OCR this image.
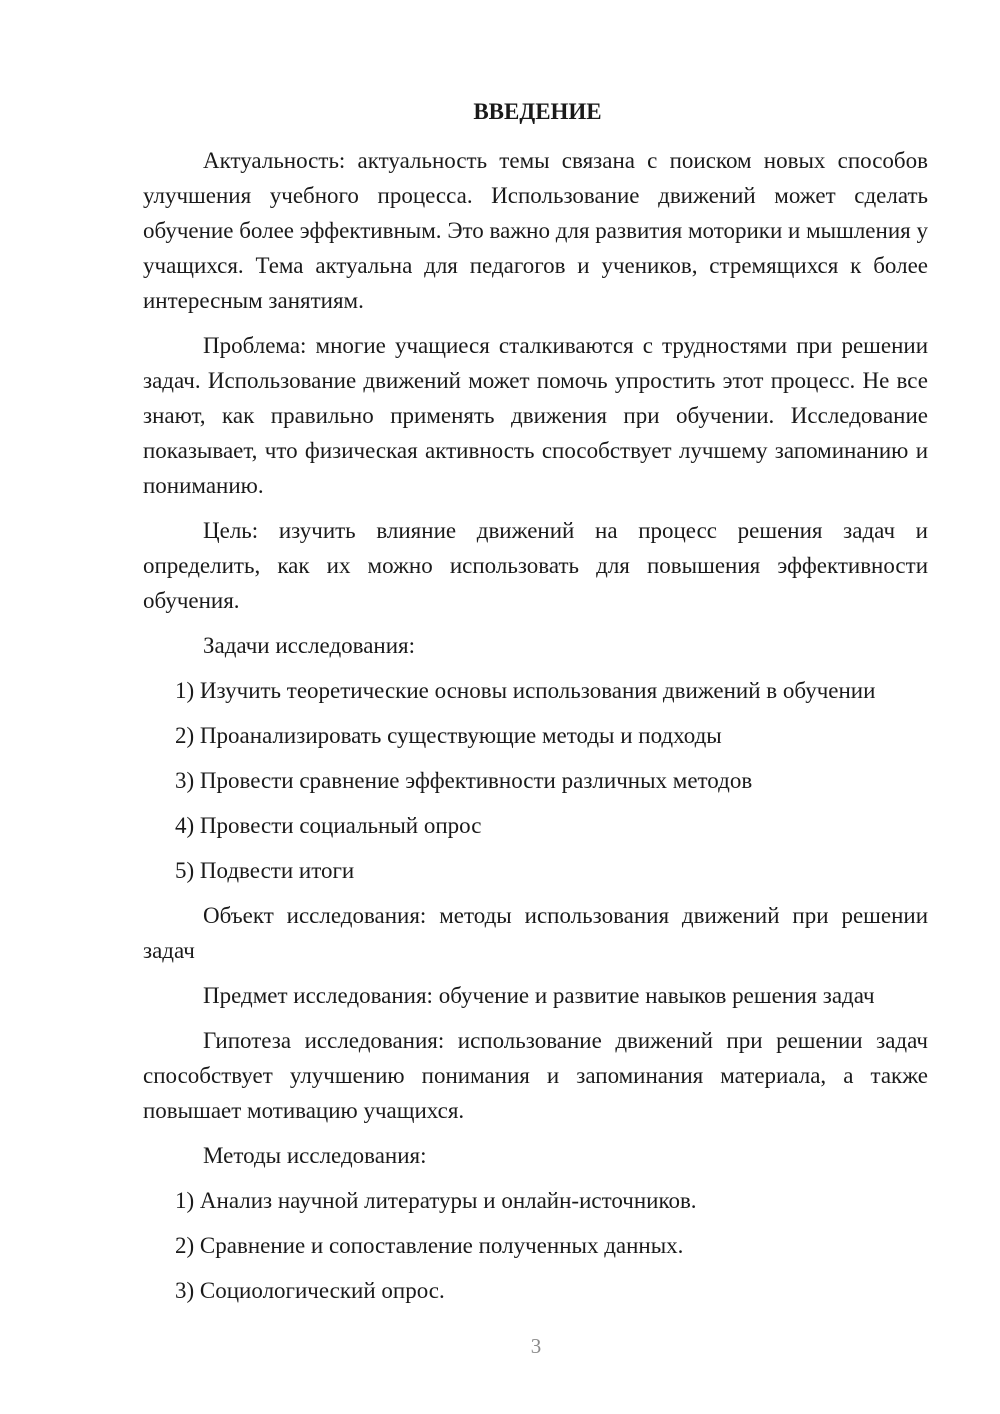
ВВЕДЕНИЕ

Актуальность: актуальность темы связана с поиском новых способов улучшения учебного процесса. Использование движений может сделать обучение более эффективным. Это важно для развития моторики и мышления у учащихся. Тема актуальна для педагогов и учеников, стремящихся к более интересным занятиям.

Проблема: многие учащиеся сталкиваются с трудностями при решении задач. Использование движений может помочь упростить этот процесс. Не все знают, как правильно применять движения при обучении. Исследование показывает, что физическая активность способствует лучшему запоминанию и пониманию.

Цель: изучить влияние движений на процесс решения задач и определить, как их можно использовать для повышения эффективности обучения.

Задачи исследования:

1) Изучить теоретические основы использования движений в обучении
2) Проанализировать существующие методы и подходы
3) Провести сравнение эффективности различных методов
4) Провести социальный опрос
5) Подвести итоги

Объект исследования: методы использования движений при решении задач

Предмет исследования: обучение и развитие навыков решения задач

Гипотеза исследования: использование движений при решении задач способствует улучшению понимания и запоминания материала, а также повышает мотивацию учащихся.

Методы исследования:

1) Анализ научной литературы и онлайн-источников.
2) Сравнение и сопоставление полученных данных.
3) Социологический опрос.
3
